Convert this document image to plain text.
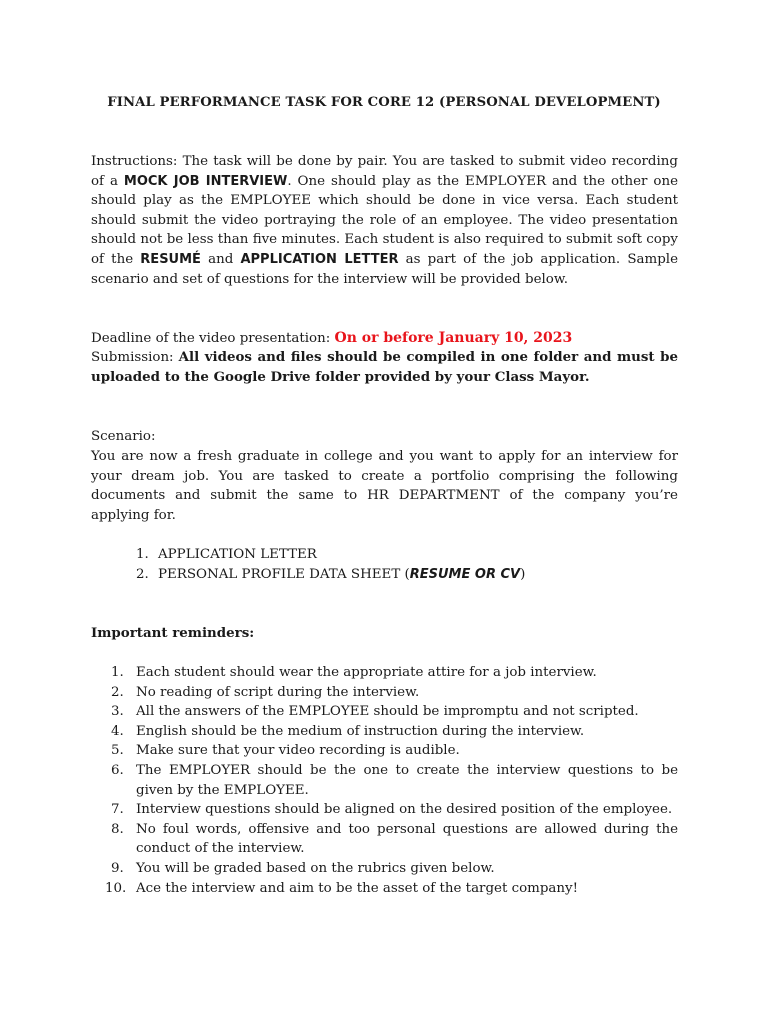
FINAL PERFORMANCE TASK FOR CORE 12 (PERSONAL DEVELOPMENT)
Instructions: The task will be done by pair. You are tasked to submit video recording of a MOCK JOB INTERVIEW. One should play as the EMPLOYER and the other one should play as the EMPLOYEE which should be done in vice versa. Each student should submit the video portraying the role of an employee. The video presentation should not be less than five minutes. Each student is also required to submit soft copy of the RESUMÉ and APPLICATION LETTER as part of the job application. Sample scenario and set of questions for the interview will be provided below.
Deadline of the video presentation: On or before January 10, 2023
Submission: All videos and files should be compiled in one folder and must be uploaded to the Google Drive folder provided by your Class Mayor.
Scenario:
You are now a fresh graduate in college and you want to apply for an interview for your dream job. You are tasked to create a portfolio comprising the following documents and submit the same to HR DEPARTMENT of the company you’re applying for.
1. APPLICATION LETTER
2. PERSONAL PROFILE DATA SHEET (RESUME OR CV)
Important reminders:
1. Each student should wear the appropriate attire for a job interview.
2. No reading of script during the interview.
3. All the answers of the EMPLOYEE should be impromptu and not scripted.
4. English should be the medium of instruction during the interview.
5. Make sure that your video recording is audible.
6. The EMPLOYER should be the one to create the interview questions to be given by the EMPLOYEE.
7. Interview questions should be aligned on the desired position of the employee.
8. No foul words, offensive and too personal questions are allowed during the conduct of the interview.
9. You will be graded based on the rubrics given below.
10. Ace the interview and aim to be the asset of the target company!
